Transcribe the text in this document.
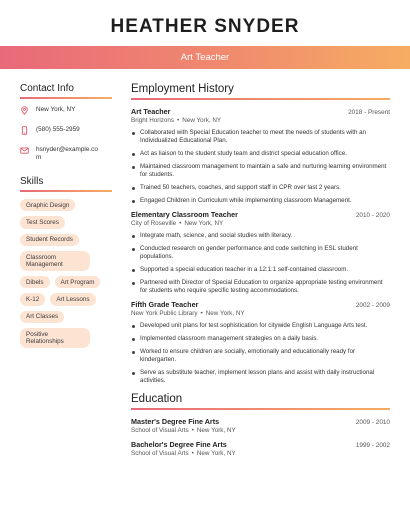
HEATHER SNYDER
Art Teacher
Contact Info
New York, NY
(580) 555-2959
hsnyder@example.com
Skills
Graphic Design
Test Scores
Student Records
Classroom Management
Dibels	Art Program
K-12	Art Lessons
Art Classes
Positive Relationships
Employment History
Art Teacher	2018 - Present
Bright Horizons • New York, NY
Collaborated with Special Education teacher to meet the needs of students with an Individualized Educational Plan.
Act as liaison to the student study team and district special education office.
Maintained classroom management to maintain a safe and nurturing learning environment for students.
Trained 50 teachers, coaches, and support staff in CPR over last 2 years.
Engaged Children in Curriculum while implementing classroom Management.
Elementary Classroom Teacher	2010 - 2020
City of Roseville • New York, NY
Integrate math, science, and social studies with literacy.
Conducted research on gender performance and code switching in ESL student populations.
Supported a special education teacher in a 12:1:1 self-contained classroom.
Partnered with Director of Special Education to organize appropriate testing environment for students who require specific testing accommodations.
Fifth Grade Teacher	2002 - 2009
New York Public Library • New York, NY
Developed unit plans for test sophistication for citywide English Language Arts test.
Implemented classroom management strategies on a daily basis.
Worked to ensure children are socially, emotionally and educationally ready for kindergarten.
Serve as substitute teacher, implement lesson plans and assist with daily instructional activities.
Education
Master's Degree Fine Arts	2009 - 2010
School of Visual Arts • New York, NY
Bachelor's Degree Fine Arts	1999 - 2002
School of Visual Arts • New York, NY
